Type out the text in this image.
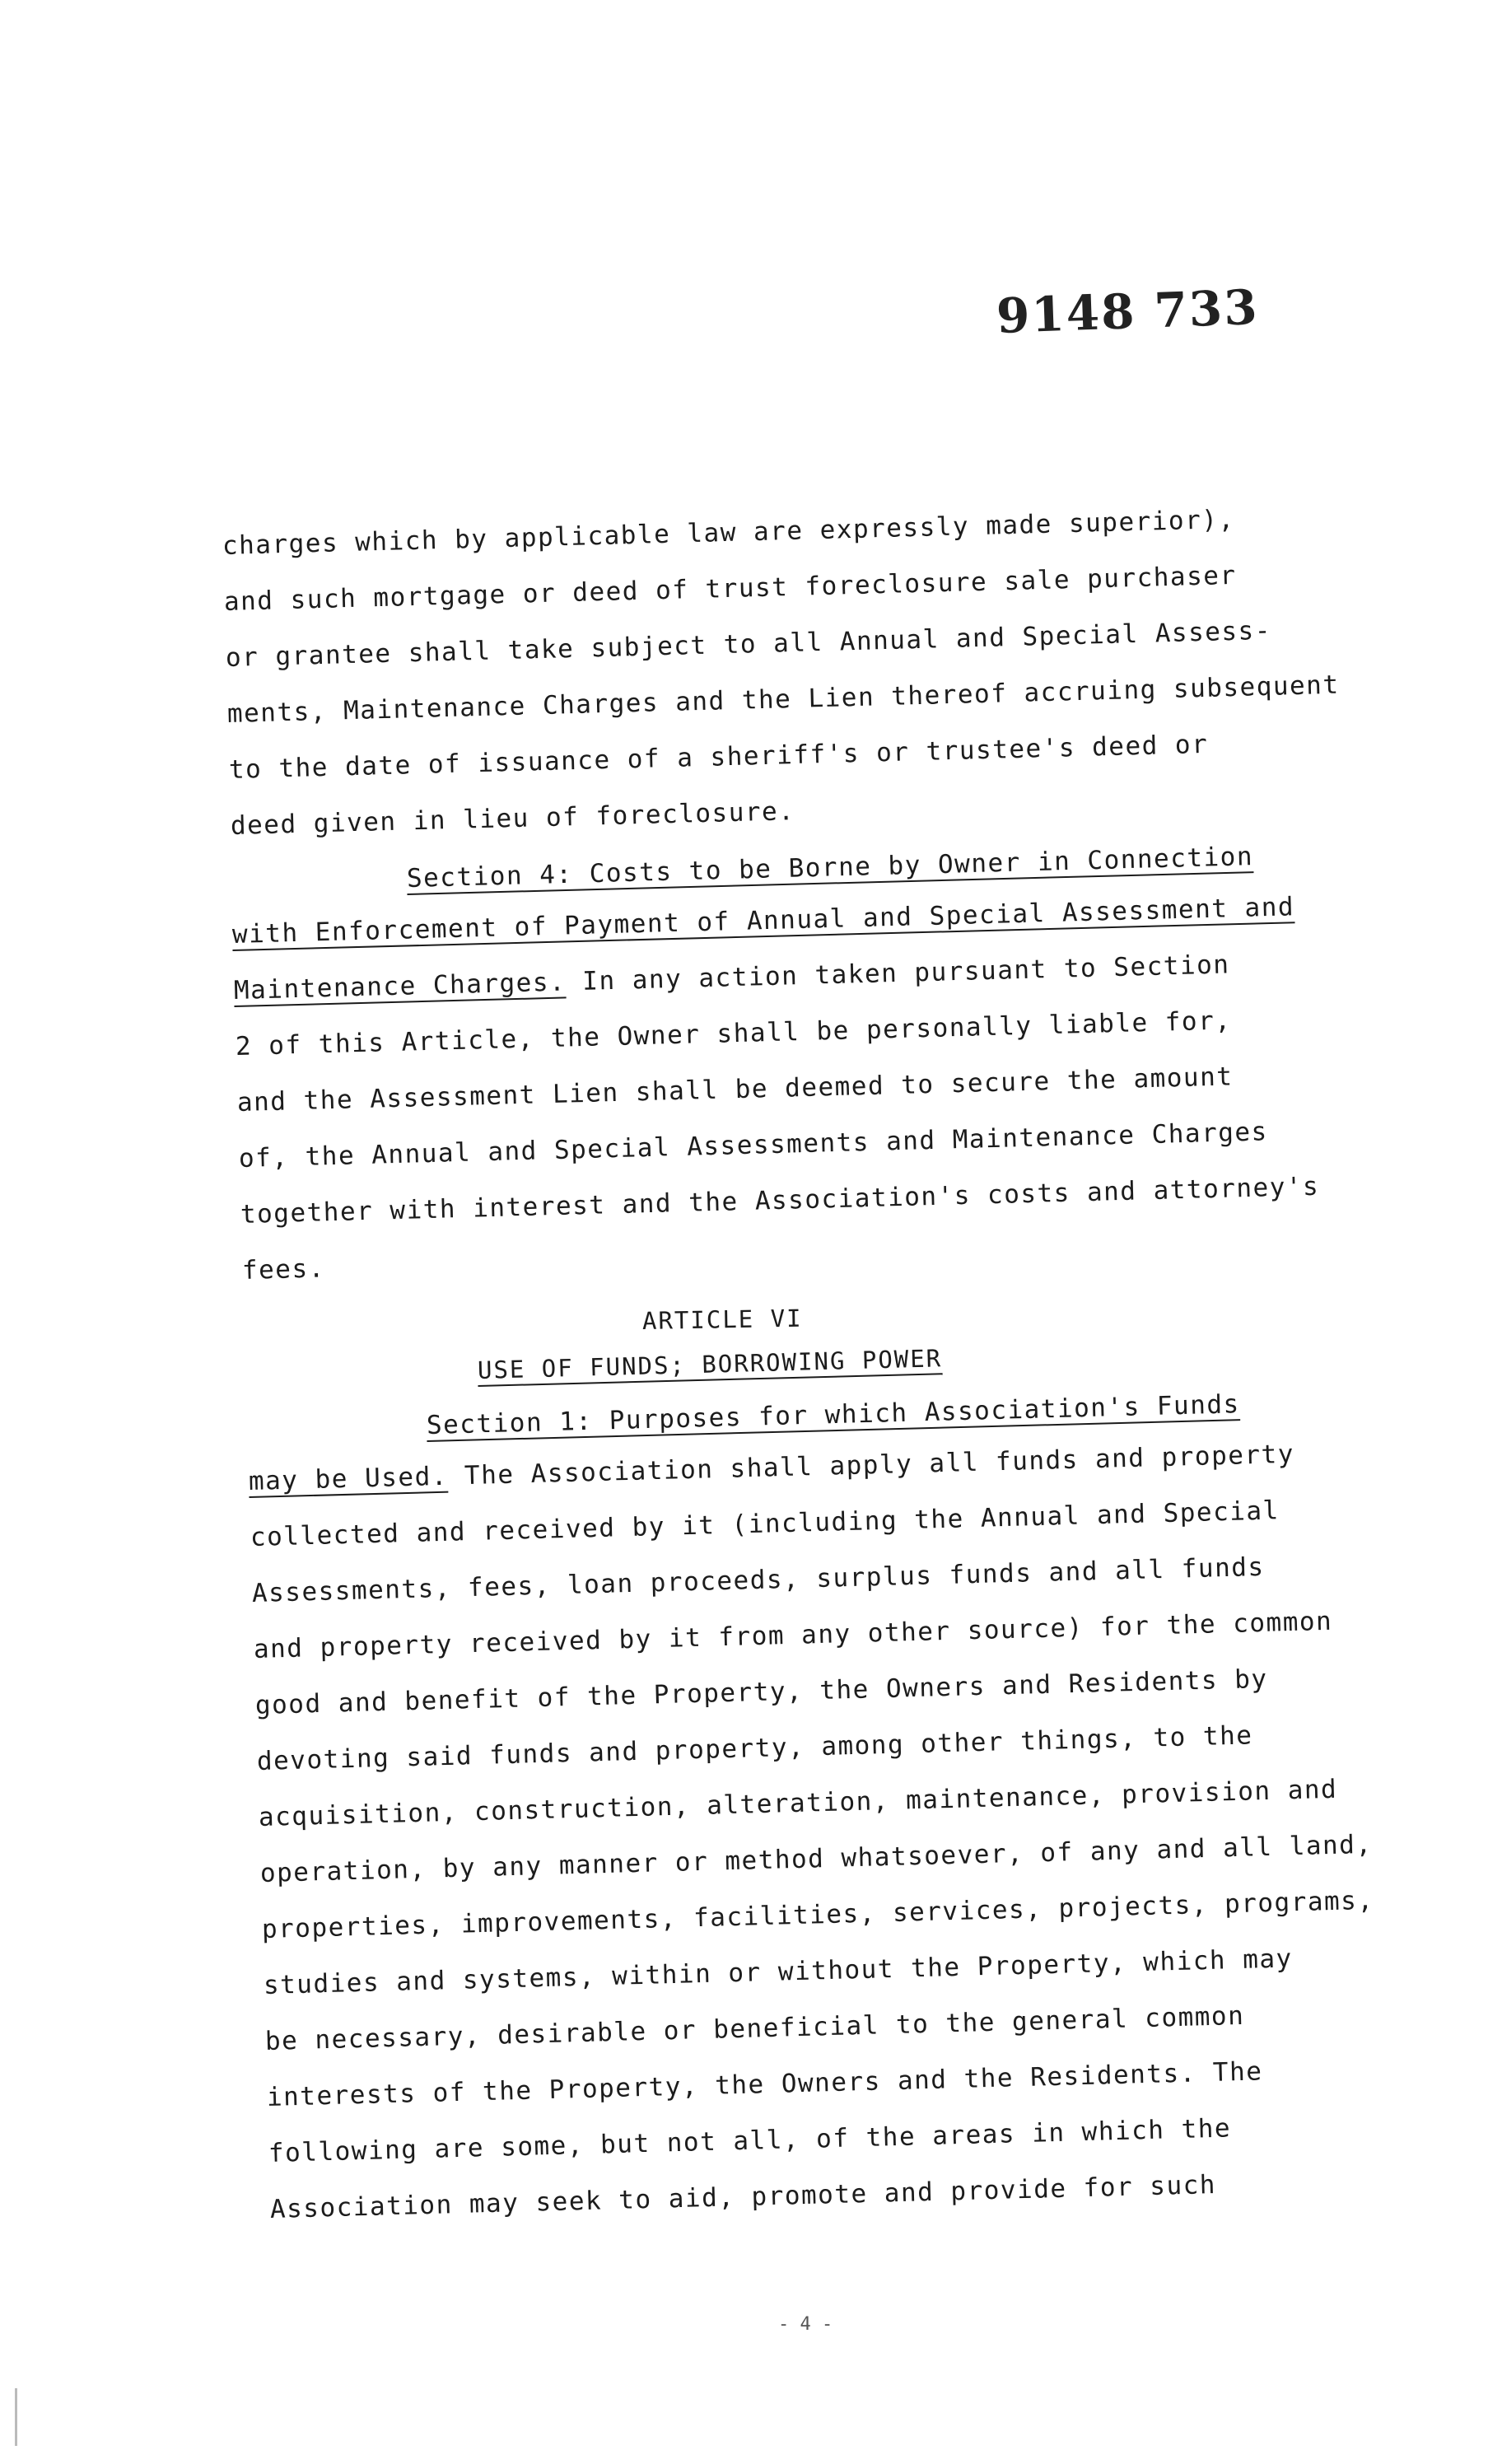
9148 733
charges which by applicable law are expressly made superior),
and such mortgage or deed of trust foreclosure sale purchaser
or grantee shall take subject to all Annual and Special Assess-
ments, Maintenance Charges and the Lien thereof accruing subsequent
to the date of issuance of a sheriff's or trustee's deed or
deed given in lieu of foreclosure.
Section 4: Costs to be Borne by Owner in Connection
with Enforcement of Payment of Annual and Special Assessment and
Maintenance Charges. In any action taken pursuant to Section
2 of this Article, the Owner shall be personally liable for,
and the Assessment Lien shall be deemed to secure the amount
of, the Annual and Special Assessments and Maintenance Charges
together with interest and the Association's costs and attorney's
fees.
ARTICLE VI
USE OF FUNDS; BORROWING POWER
Section 1: Purposes for which Association's Funds
may be Used. The Association shall apply all funds and property
collected and received by it (including the Annual and Special
Assessments, fees, loan proceeds, surplus funds and all funds
and property received by it from any other source) for the common
good and benefit of the Property, the Owners and Residents by
devoting said funds and property, among other things, to the
acquisition, construction, alteration, maintenance, provision and
operation, by any manner or method whatsoever, of any and all land,
properties, improvements, facilities, services, projects, programs,
studies and systems, within or without the Property, which may
be necessary, desirable or beneficial to the general common
interests of the Property, the Owners and the Residents. The
following are some, but not all, of the areas in which the
Association may seek to aid, promote and provide for such
- 4 -
